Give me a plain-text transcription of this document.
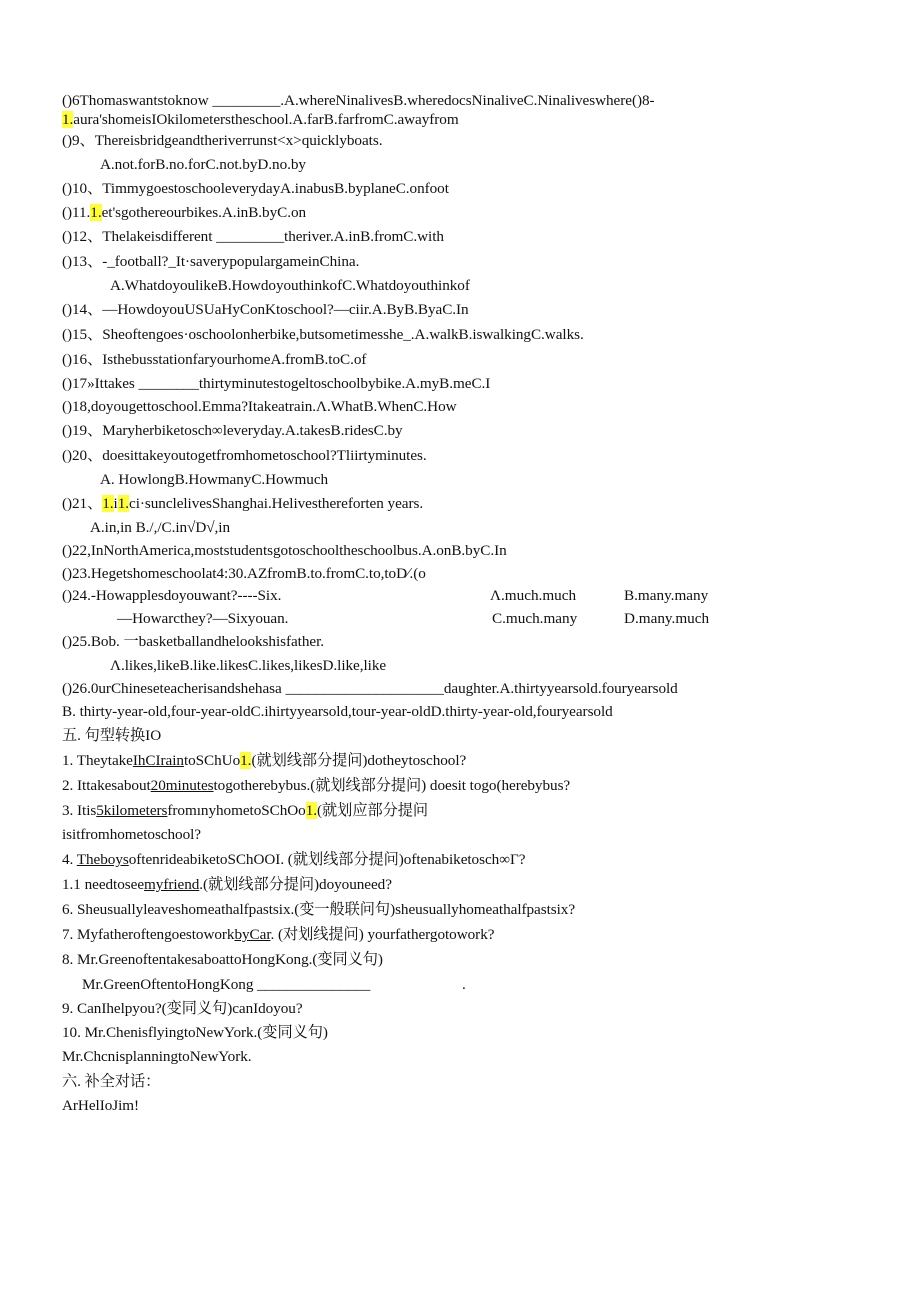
()6Thomaswantstoknow _________.A.whereNinalivesB.wheredocsNinaliveC.Ninaliveswhere()8-
1.aura'shomeisIOkilometerstheschool.A.farB.farfromC.awayfrom
()9、Thereisbridgeandtheriverrunst<x>quicklyboats.
A.not.forB.no.forC.not.byD.no.by
()10、TimmygoestoschooleverydayA.inabusB.byplaneC.onfoot
()11.1.et'sgothereourbikes.A.inB.byC.on
()12、Thelakeisdifferent _________theriver.A.inB.fromC.with
()13、-_football?_It·saverypopulargameinChina.
A.WhatdoyoulikeB.HowdoyouthinkofC.Whatdoyouthinkof
()14、—HowdoyouUSUaHyConKtoschool?—ciir.A.ByB.ByaC.In
()15、Sheoftengoes·oschoolonherbike,butsometimesshe_.A.walkB.iswalkingC.walks.
()16、IsthebusstationfaryourhomeA.fromB.toC.of
()17»Ittakes ________thirtyminutestogeltoschoolbybike.A.myB.meC.I
()18,doyougettoschool.Emma?Itakeatrain.Λ.WhatB.WhenC.How
()19、Maryherbiketosch∞leveryday.A.takesB.ridesC.by
()20、doesittakeyoutogetfromhometoschool?Tliirtyminutes.
A. HowlongB.HowmanyC.Howmuch
()21、1.i1.ci·sunclelivesShanghai.Helivesthereforten years.
A.in,in B./,/C.in√D√,in
()22,InNorthAmerica,moststudentsgotoschooltheschoolbus.A.onB.byC.In
()23.Hegetshomeschoolat4:30.AZfromB.to.fromC.to,toD∕.(o
()24.-Howapplesdoyouwant?----Six.	Λ.much.much	B.many.many
—Howarcthey?—Sixyouan.	C.much.many	D.many.much
()25.Bob. 一basketballandhelookshisfather.
Λ.likes,likeB.like.likesC.likes,likesD.like,like
()26.0urChineseteacherisandshehasa _____________________daughter.A.thirtyyearsold.fouryearsold
B. thirty-year-old,four-year-oldC.ihirtyyearsold,tour-year-oldD.thirty-year-old,fouryearsold
五. 句型转换IO
1. TheytakeIhCIraintoSChUo1.(就划线部分提问)dotheytoschool?
2. Ittakesabout20minutestogotherebybus.(就划线部分提问) doesit togo(herebybus?
3. Itis5kilometersfromınyhometoSChOo1.(就划应部分提问
isitfromhometoschool?
4. TheboysoftenrideabiketoSChOOI. (就划线部分提问)oftenabiketosch∞Γ?
1.1 needtoseemyfriend.(就划线部分提问)doyouneed?
6. Sheusuallyleaveshomeathalfpastsix.(变一般联问句)sheusuallyhomeathalfpastsix?
7. MyfatheroftengoestoworkbyCar. (对划线提问) yourfathergotowork?
8. Mr.GreenoftentakesaboattoHongKong.(变同义句)
Mr.GreenOftentoHongKong _______________	.
9. CanIhelpyou?(变同义句)canIdoyou?
10. Mr.ChenisflyingtoNewYork.(变同义句)
Mr.ChcnisplanningtoNewYork.
六. 补全对话：
ArHelIoJim!
